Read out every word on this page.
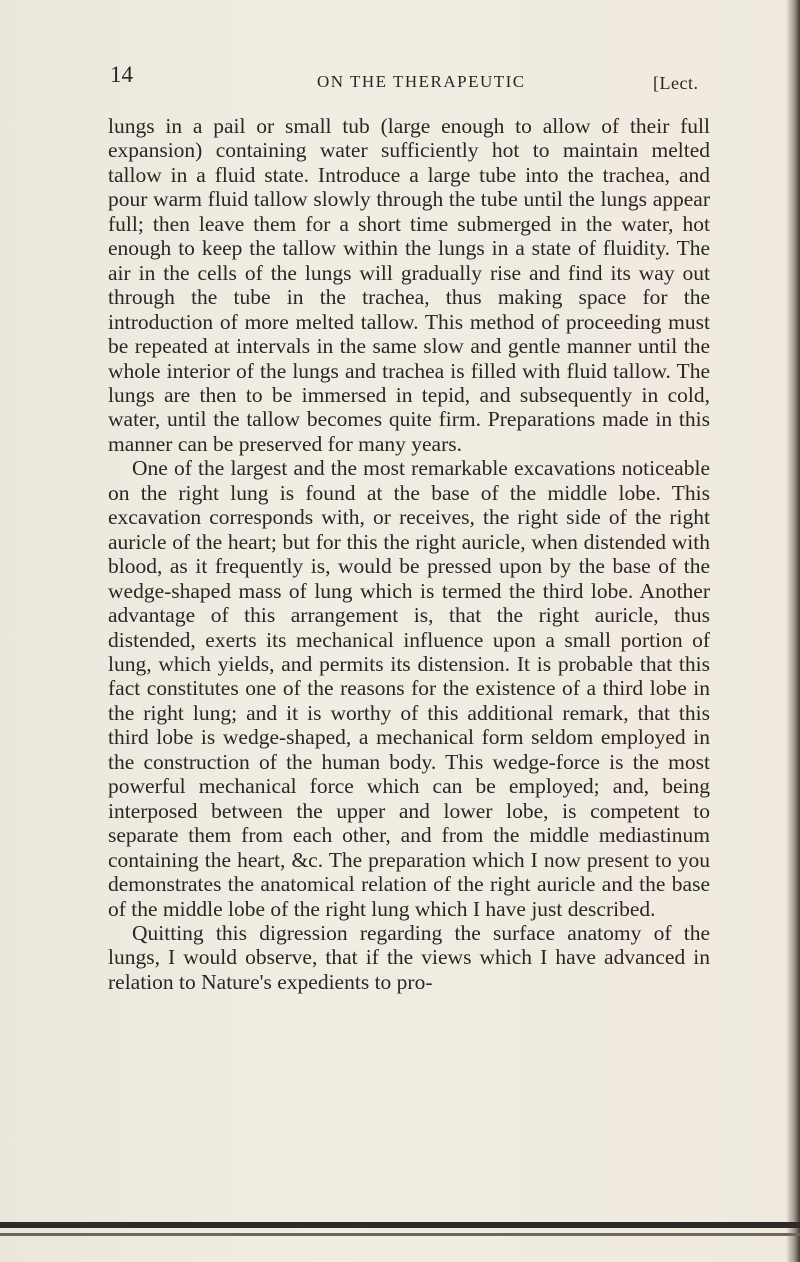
14	ON THE THERAPEUTIC	[Lect.

lungs in a pail or small tub (large enough to allow of their full expansion) containing water sufficiently hot to maintain melted tallow in a fluid state. Introduce a large tube into the trachea, and pour warm fluid tallow slowly through the tube until the lungs appear full; then leave them for a short time submerged in the water, hot enough to keep the tallow within the lungs in a state of fluidity. The air in the cells of the lungs will gradually rise and find its way out through the tube in the trachea, thus making space for the introduction of more melted tallow. This method of proceeding must be repeated at intervals in the same slow and gentle manner until the whole interior of the lungs and trachea is filled with fluid tallow. The lungs are then to be immersed in tepid, and subsequently in cold, water, until the tallow becomes quite firm. Preparations made in this manner can be preserved for many years.

One of the largest and the most remarkable excavations noticeable on the right lung is found at the base of the middle lobe. This excavation corresponds with, or receives, the right side of the right auricle of the heart; but for this the right auricle, when distended with blood, as it frequently is, would be pressed upon by the base of the wedge-shaped mass of lung which is termed the third lobe. Another advantage of this arrangement is, that the right auricle, thus distended, exerts its mechanical influence upon a small portion of lung, which yields, and permits its distension. It is probable that this fact constitutes one of the reasons for the existence of a third lobe in the right lung; and it is worthy of this additional remark, that this third lobe is wedge-shaped, a mechanical form seldom employed in the construction of the human body. This wedge-force is the most powerful mechanical force which can be employed; and, being interposed between the upper and lower lobe, is competent to separate them from each other, and from the middle mediastinum containing the heart, &c. The preparation which I now present to you demonstrates the anatomical relation of the right auricle and the base of the middle lobe of the right lung which I have just described.

Quitting this digression regarding the surface anatomy of the lungs, I would observe, that if the views which I have advanced in relation to Nature's expedients to pro-
